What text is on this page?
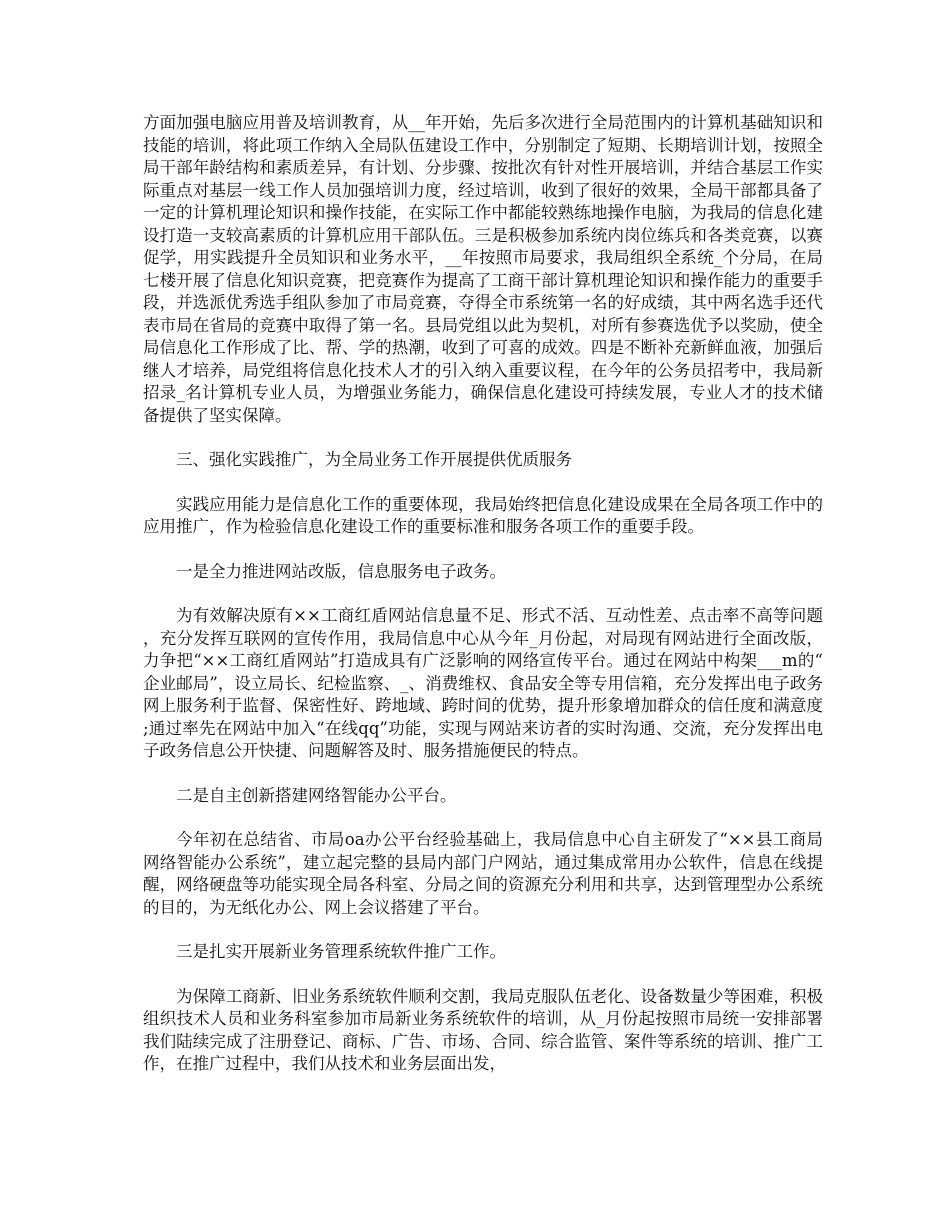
方面加强电脑应用普及培训教育，从__年开始，先后多次进行全局范围内的计算机基础知识和技能的培训，将此项工作纳入全局队伍建设工作中，分别制定了短期、长期培训计划，按照全局干部年龄结构和素质差异，有计划、分步骤、按批次有针对性开展培训，并结合基层工作实际重点对基层一线工作人员加强培训力度，经过培训，收到了很好的效果，全局干部都具备了一定的计算机理论知识和操作技能，在实际工作中都能较熟练地操作电脑，为我局的信息化建设打造一支较高素质的计算机应用干部队伍。三是积极参加系统内岗位练兵和各类竞赛，以赛促学，用实践提升全员知识和业务水平，__年按照市局要求，我局组织全系统_个分局，在局七楼开展了信息化知识竞赛，把竞赛作为提高了工商干部计算机理论知识和操作能力的重要手段，并选派优秀选手组队参加了市局竞赛，夺得全市系统第一名的好成绩，其中两名选手还代表市局在省局的竞赛中取得了第一名。县局党组以此为契机，对所有参赛选优予以奖励，使全局信息化工作形成了比、帮、学的热潮，收到了可喜的成效。四是不断补充新鲜血液，加强后继人才培养，局党组将信息化技术人才的引入纳入重要议程，在今年的公务员招考中，我局新招录_名计算机专业人员，为增强业务能力，确保信息化建设可持续发展，专业人才的技术储备提供了坚实保障。

三、强化实践推广，为全局业务工作开展提供优质服务

实践应用能力是信息化工作的重要体现，我局始终把信息化建设成果在全局各项工作中的应用推广，作为检验信息化建设工作的重要标准和服务各项工作的重要手段。

一是全力推进网站改版，信息服务电子政务。

为有效解决原有××工商红盾网站信息量不足、形式不活、互动性差、点击率不高等问题，充分发挥互联网的宣传作用，我局信息中心从今年_月份起，对局现有网站进行全面改版，力争把“××工商红盾网站”打造成具有广泛影响的网络宣传平台。通过在网站中构架___m的“企业邮局”，设立局长、纪检监察、_、消费维权、食品安全等专用信箱，充分发挥出电子政务网上服务利于监督、保密性好、跨地域、跨时间的优势，提升形象增加群众的信任度和满意度;通过率先在网站中加入“在线qq”功能，实现与网站来访者的实时沟通、交流，充分发挥出电子政务信息公开快捷、问题解答及时、服务措施便民的特点。

二是自主创新搭建网络智能办公平台。

今年初在总结省、市局oa办公平台经验基础上，我局信息中心自主研发了“××县工商局网络智能办公系统”，建立起完整的县局内部门户网站，通过集成常用办公软件，信息在线提醒，网络硬盘等功能实现全局各科室、分局之间的资源充分利用和共享，达到管理型办公系统的目的，为无纸化办公、网上会议搭建了平台。

三是扎实开展新业务管理系统软件推广工作。

为保障工商新、旧业务系统软件顺利交割，我局克服队伍老化、设备数量少等困难，积极组织技术人员和业务科室参加市局新业务系统软件的培训，从_月份起按照市局统一安排部署我们陆续完成了注册登记、商标、广告、市场、合同、综合监管、案件等系统的培训、推广工作，在推广过程中，我们从技术和业务层面出发，
